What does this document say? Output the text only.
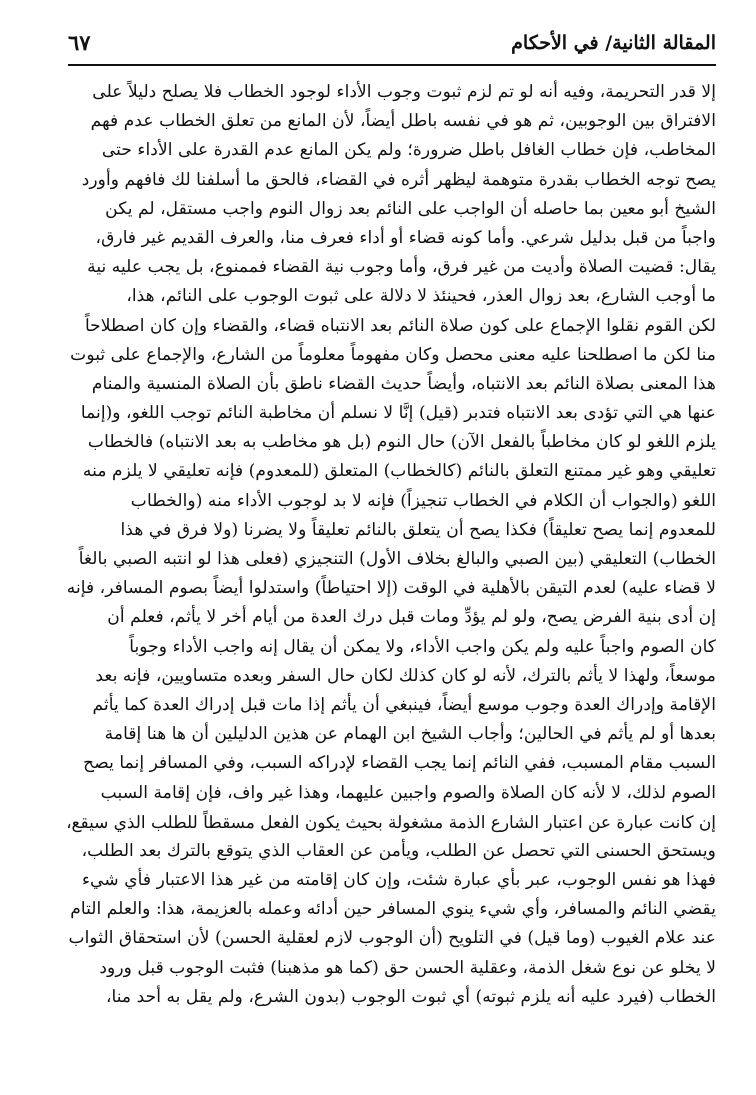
المقالة الثانية/ في الأحكام
٦٧
إلا قدر التحريمة، وفيه أنه لو تم لزم ثبوت وجوب الأداء لوجود الخطاب فلا يصلح دليلاً على
الافتراق بين الوجوبين، ثم هو في نفسه باطل أيضاً، لأن المانع من تعلق الخطاب عدم فهم
المخاطب، فإن خطاب الغافل باطل ضرورة؛ ولم يكن المانع عدم القدرة على الأداء حتى
يصح توجه الخطاب بقدرة متوهمة ليظهر أثره في القضاء، فالحق ما أسلفنا لك فافهم وأورد
الشيخ أبو معين بما حاصله أن الواجب على النائم بعد زوال النوم واجب مستقل، لم يكن
واجباً من قبل بدليل شرعي. وأما كونه قضاء أو أداء فعرف منا، والعرف القديم غير فارق،
يقال: قضيت الصلاة وأديت من غير فرق، وأما وجوب نية القضاء فممنوع، بل يجب عليه نية
ما أوجب الشارع، بعد زوال العذر، فحينئذ لا دلالة على ثبوت الوجوب على النائم، هذا،
لكن القوم نقلوا الإجماع على كون صلاة النائم بعد الانتباه قضاء، والقضاء وإن كان اصطلاحاً
منا لكن ما اصطلحنا عليه معنى محصل وكان مفهوماً معلوماً من الشارع، والإجماع على ثبوت
هذا المعنى بصلاة النائم بعد الانتباه، وأيضاً حديث القضاء ناطق بأن الصلاة المنسية والمنام
عنها هي التي تؤدى بعد الانتباه فتدبر (قيل) إنَّا لا نسلم أن مخاطبة النائم توجب اللغو، و(إنما
يلزم اللغو لو كان مخاطباً بالفعل الآن) حال النوم (بل هو مخاطب به بعد الانتباه) فالخطاب
تعليقي وهو غير ممتنع التعلق بالنائم (كالخطاب) المتعلق (للمعدوم) فإنه تعليقي لا يلزم منه
اللغو (والجواب أن الكلام في الخطاب تنجيزاً) فإنه لا بد لوجوب الأداء منه (والخطاب
للمعدوم إنما يصح تعليقاً) فكذا يصح أن يتعلق بالنائم تعليقاً ولا يضرنا (ولا فرق في هذا
الخطاب) التعليقي (بين الصبي والبالغ بخلاف الأول) التنجيزي (فعلى هذا لو انتبه الصبي بالغاً
لا قضاء عليه) لعدم التيقن بالأهلية في الوقت (إلا احتياطاً) واستدلوا أيضاً بصوم المسافر، فإنه
إن أدى بنية الفرض يصح، ولو لم يؤدِّ ومات قبل درك العدة من أيام أخر لا يأثم، فعلم أن
كان الصوم واجباً عليه ولم يكن واجب الأداء، ولا يمكن أن يقال إنه واجب الأداء وجوباً
موسعاً، ولهذا لا يأثم بالترك، لأنه لو كان كذلك لكان حال السفر وبعده متساويين، فإنه بعد
الإقامة وإدراك العدة وجوب موسع أيضاً، فينبغي أن يأثم إذا مات قبل إدراك العدة كما يأثم
بعدها أو لم يأثم في الحالين؛ وأجاب الشيخ ابن الهمام عن هذين الدليلين أن ها هنا إقامة
السبب مقام المسبب، ففي النائم إنما يجب القضاء لإدراكه السبب، وفي المسافر إنما يصح
الصوم لذلك، لا لأنه كان الصلاة والصوم واجبين عليهما، وهذا غير واف، فإن إقامة السبب
إن كانت عبارة عن اعتبار الشارع الذمة مشغولة بحيث يكون الفعل مسقطاً للطلب الذي سيقع،
ويستحق الحسنى التي تحصل عن الطلب، ويأمن عن العقاب الذي يتوقع بالترك بعد الطلب،
فهذا هو نفس الوجوب، عبر بأي عبارة شئت، وإن كان إقامته من غير هذا الاعتبار فأي شيء
يقضي النائم والمسافر، وأي شيء ينوي المسافر حين أدائه وعمله بالعزيمة، هذا: والعلم التام
عند علام الغيوب (وما قيل) في التلويح (أن الوجوب لازم لعقلية الحسن) لأن استحقاق الثواب
لا يخلو عن نوع شغل الذمة، وعقلية الحسن حق (كما هو مذهبنا) فثبت الوجوب قبل ورود
الخطاب (فيرد عليه أنه يلزم ثبوته) أي ثبوت الوجوب (بدون الشرع، ولم يقل به أحد منا،
